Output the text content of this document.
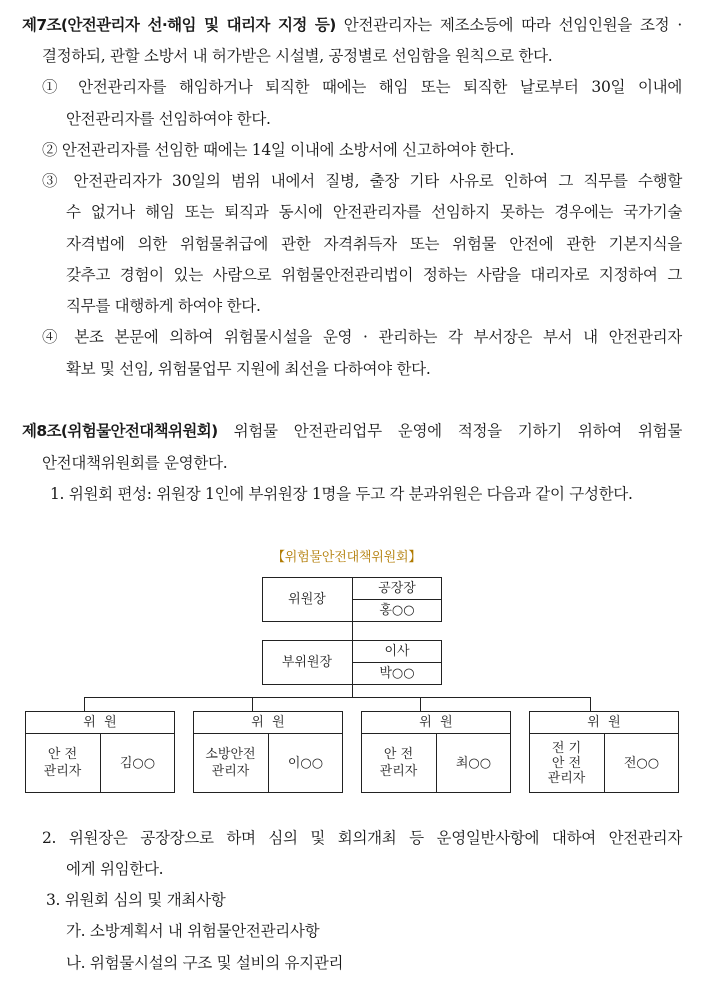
제7조(안전관리자 선·해임 및 대리자 지정 등) 안전관리자는 제조소등에 따라 선임인원을 조정 ·
결정하되, 관할 소방서 내 허가받은 시설별, 공정별로 선임함을 원칙으로 한다.
① 안전관리자를 해임하거나 퇴직한 때에는 해임 또는 퇴직한 날로부터 30일 이내에
안전관리자를 선임하여야 한다.
② 안전관리자를 선임한 때에는 14일 이내에 소방서에 신고하여야 한다.
③ 안전관리자가 30일의 범위 내에서 질병, 출장 기타 사유로 인하여 그 직무를 수행할
수 없거나 해임 또는 퇴직과 동시에 안전관리자를 선임하지 못하는 경우에는 국가기술
자격법에 의한 위험물취급에 관한 자격취득자 또는 위험물 안전에 관한 기본지식을
갖추고 경험이 있는 사람으로 위험물안전관리법이 정하는 사람을 대리자로 지정하여 그
직무를 대행하게 하여야 한다.
④ 본조 본문에 의하여 위험물시설을 운영 · 관리하는 각 부서장은 부서 내 안전관리자
확보 및 선임, 위험물업무 지원에 최선을 다하여야 한다.
제8조(위험물안전대책위원회) 위험물 안전관리업무 운영에 적정을 기하기 위하여 위험물
안전대책위원회를 운영한다.
1. 위원회 편성: 위원장 1인에 부위원장 1명을 두고 각 분과위원은 다음과 같이 구성한다.
【위험물안전대책위원회】
위원장
공장장
홍○○
부위원장
이사
박○○
위  원
안 전
관리자
김○○
위  원
소방안전
관리자
이○○
위  원
안 전
관리자
최○○
위  원
전 기
안 전
관리자
전○○
2. 위원장은 공장장으로 하며 심의 및 회의개최 등 운영일반사항에 대하여 안전관리자
에게 위임한다.
3. 위원회 심의 및 개최사항
가. 소방계획서 내 위험물안전관리사항
나. 위험물시설의 구조 및 설비의 유지관리
